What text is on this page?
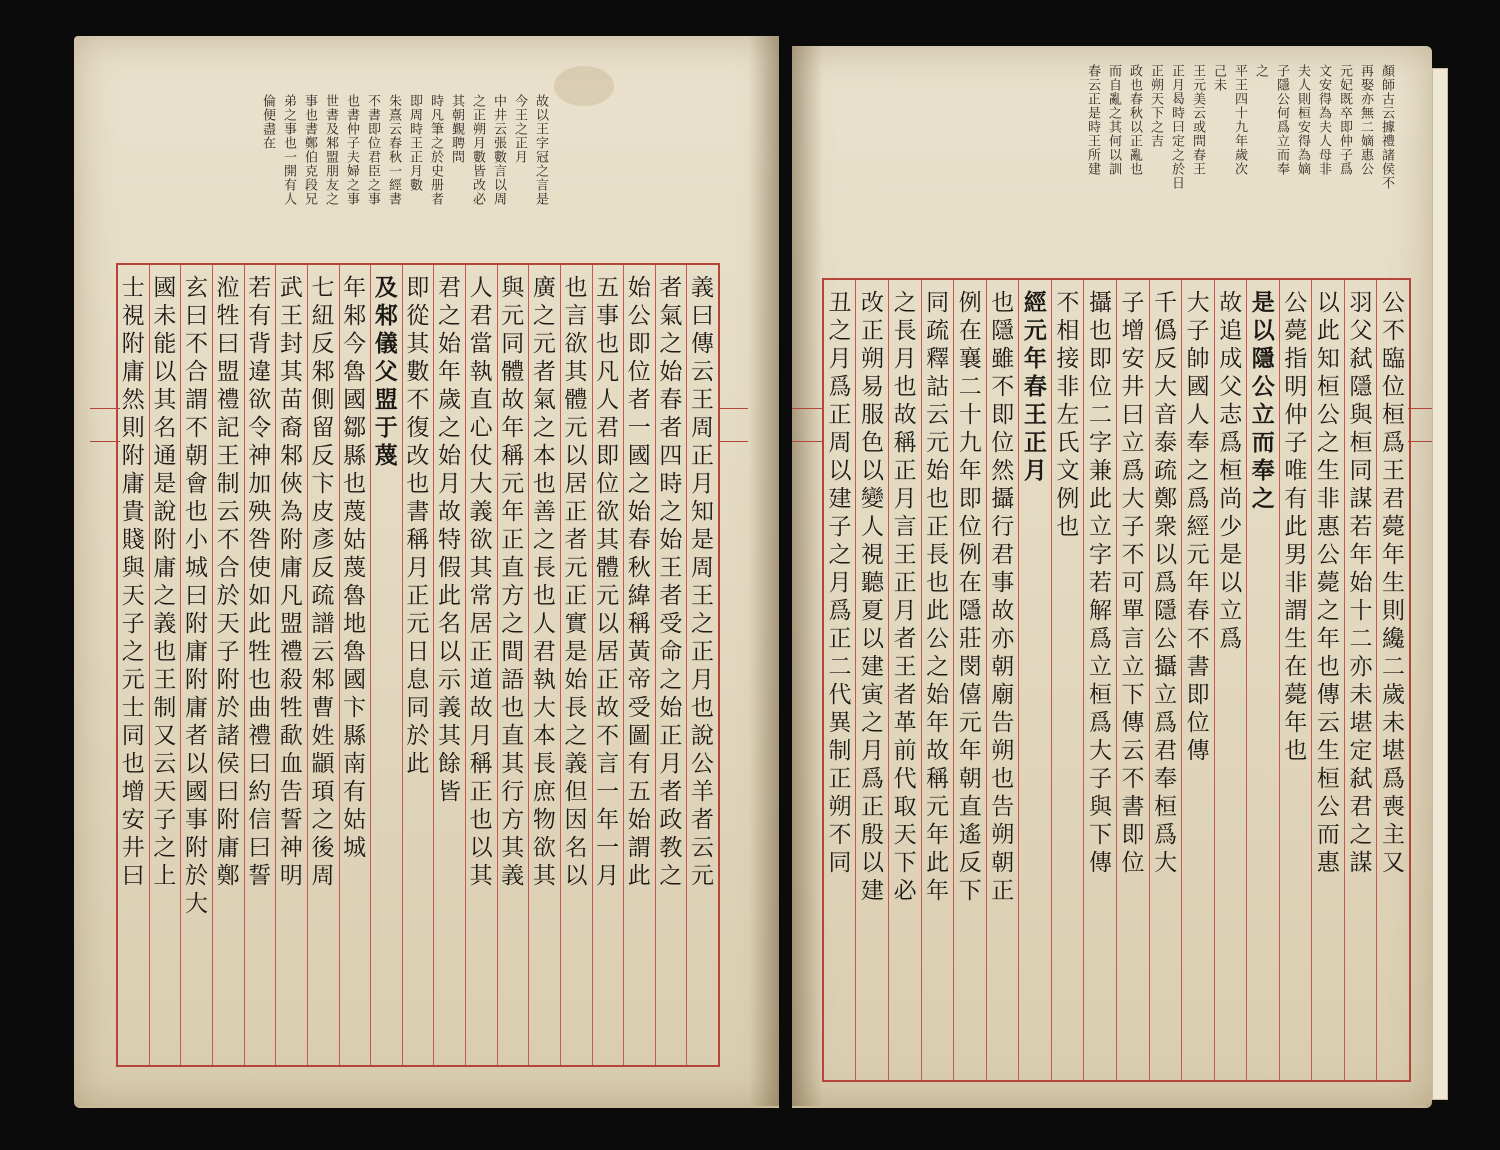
故以王字冠之言是
今王之正月
中井云張數言以周
之正朔月數皆改必
其朝覲聘問
時凡筆之於史册者
即周時王正月數
朱熹云春秋一經書
不書即位君臣之事
也書仲子夫婦之事
世書及邾盟朋友之
事也書鄭伯克段兄
弟之事也一開有人
倫便盡在
義曰傳云王周正月知是周王之正月也說公羊者云元
者氣之始春者四時之始王者受命之始正月者政教之
始公即位者一國之始春秋緯稱黃帝受圖有五始謂此
五事也凡人君即位欲其體元以居正故不言一年一月
也言欲其體元以居正者元正實是始長之義但因名以
廣之元者氣之本也善之長也人君執大本長庶物欲其
與元同體故年稱元年正直方之間語也直其行方其義
人君當執直心仗大義欲其常居正道故月稱正也以其
君之始年歲之始月故特假此名以示義其餘皆
即從其數不復改也書稱月正元日息同於此
及邾儀父盟于蔑
年邾今魯國鄒縣也蔑姑蔑魯地魯國卞縣南有姑城
七紐反邾側留反卞皮彥反疏譜云邾曹姓顓頊之後周
武王封其苗裔邾俠為附庸凡盟禮殺牲歃血告誓神明
若有背違欲令神加殃咎使如此牲也曲禮曰約信曰誓
涖牲曰盟禮記王制云不合於天子附於諸侯曰附庸鄭
玄曰不合謂不朝會也小城曰附庸附庸者以國事附於大
國未能以其名通是說附庸之義也王制又云天子之上
士視附庸然則附庸貴賤與天子之元士同也增安井曰
顏師古云據禮諸侯不
再娶亦無二嫡惠公
元妃既卒即仲子爲
文安得為夫人母非
夫人則桓安得為嫡
子隱公何爲立而奉
之
平王四十九年歲次
己未
王元美云或問春王
正月曷時曰定之於日
正朔天下之吉
政也春秋以正亂也
而自亂之其何以訓
春云正是時王所建
公不臨位桓爲王君薨年生則纔二歲未堪爲喪主又
羽父弑隱與桓同謀若年始十二亦未堪定弑君之謀
以此知桓公之生非惠公薨之年也傳云生桓公而惠
公薨指明仲子唯有此男非謂生在薨年也
是以隱公立而奉之
故追成父志爲桓尚少是以立爲
大子帥國人奉之爲經元年春不書即位傳
千僞反大音泰疏鄭衆以爲隱公攝立爲君奉桓爲大
子增安井曰立爲大子不可單言立下傳云不書即位
攝也即位二字兼此立字若解爲立桓爲大子與下傳
不相接非左氏文例也
經元年春王正月
也隱雖不即位然攝行君事故亦朝廟告朔也告朔朝正
例在襄二十九年即位例在隱莊閔僖元年朝直遙反下
同疏釋詁云元始也正長也此公之始年故稱元年此年
之長月也故稱正月言王正月者王者革前代取天下必
改正朔易服色以變人視聽夏以建寅之月爲正殷以建
丑之月爲正周以建子之月爲正二代異制正朔不同
